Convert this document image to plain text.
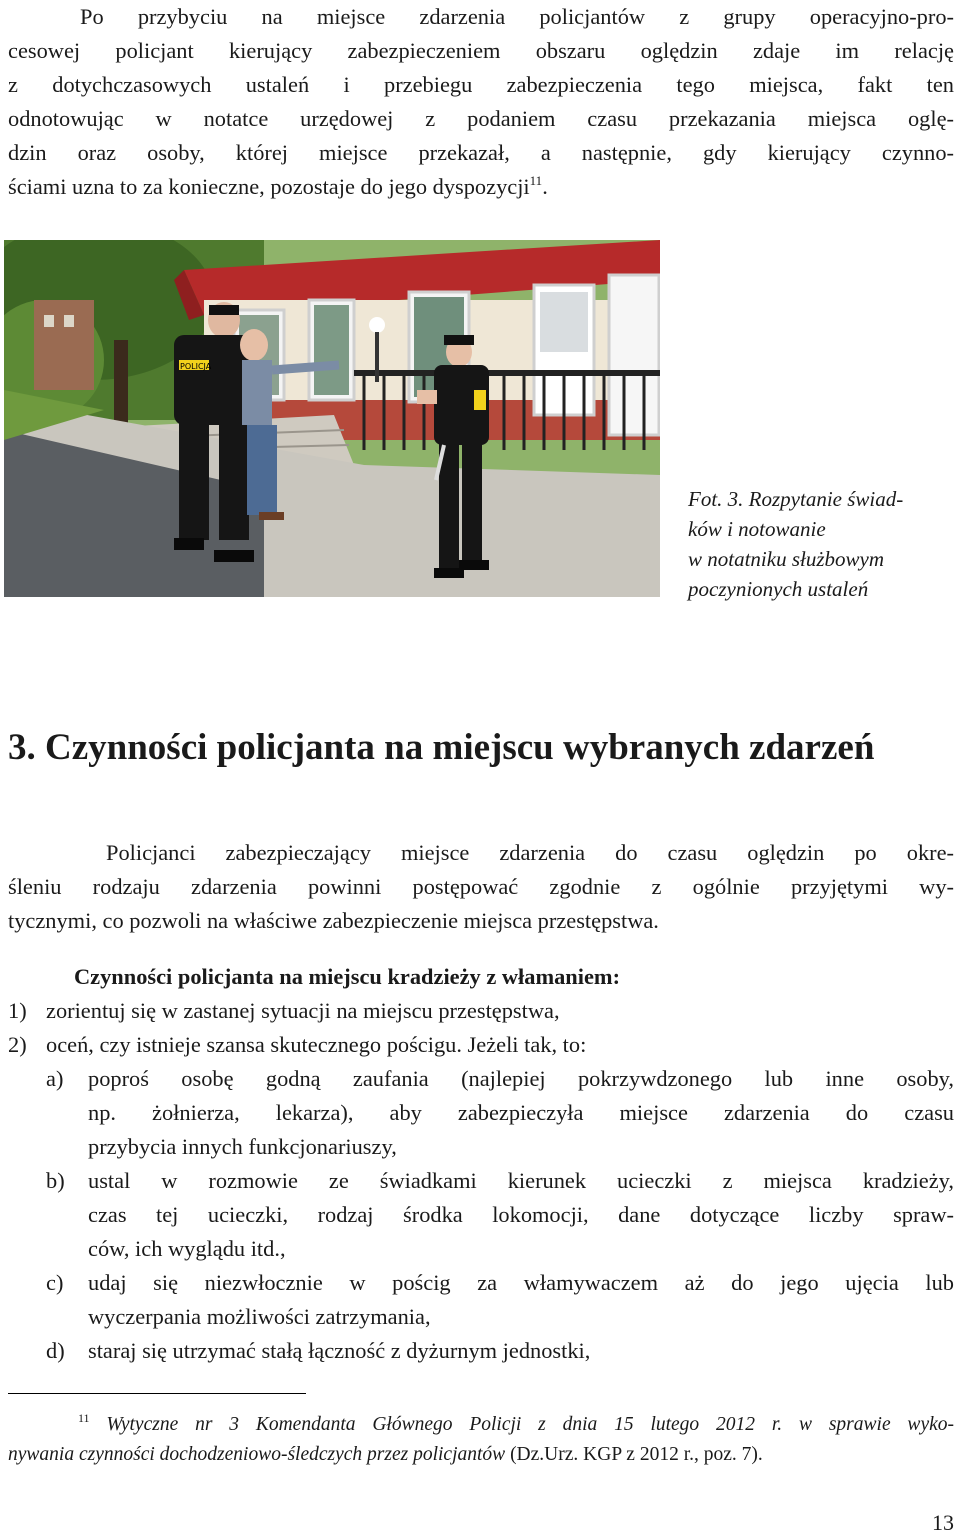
Po przybyciu na miejsce zdarzenia policjantów z grupy operacyjno-pro-
cesowej policjant kierujący zabezpieczeniem obszaru oględzin zdaje im relację
z dotychczasowych ustaleń i przebiegu zabezpieczenia tego miejsca, fakt ten
odnotowując w notatce urzędowej z podaniem czasu przekazania miejsca oglę-
dzin oraz osoby, której miejsce przekazał, a następnie, gdy kierujący czynno-
ściami uzna to za konieczne, pozostaje do jego dyspozycji$^{11}$.
POLICJA
Fot. 3. Rozpytanie świad-
ków i notowanie
w notatniku służbowym
poczynionych ustaleń
3. Czynności policjanta na miejscu wybranych zdarzeń
Policjanci zabezpieczający miejsce zdarzenia do czasu oględzin po okre-
śleniu rodzaju zdarzenia powinni postępować zgodnie z ogólnie przyjętymi wy-
tycznymi, co pozwoli na właściwe zabezpieczenie miejsca przestępstwa.
Czynności policjanta na miejscu kradzieży z włamaniem:
1) zorientuj się w zastanej sytuacji na miejscu przestępstwa,
2) oceń, czy istnieje szansa skutecznego pościgu. Jeżeli tak, to:
a) poproś osobę godną zaufania (najlepiej pokrzywdzonego lub inne osoby,
np. żołnierza, lekarza), aby zabezpieczyła miejsce zdarzenia do czasu
przybycia innych funkcjonariuszy,
b) ustal w rozmowie ze świadkami kierunek ucieczki z miejsca kradzieży,
czas tej ucieczki, rodzaj środka lokomocji, dane dotyczące liczby spraw-
ców, ich wyglądu itd.,
c) udaj się niezwłocznie w pościg za włamywaczem aż do jego ujęcia lub
wyczerpania możliwości zatrzymania,
d) staraj się utrzymać stałą łączność z dyżurnym jednostki,
$^{11}$ Wytyczne nr 3 Komendanta Głównego Policji z dnia 15 lutego 2012 r. w sprawie wyko-
nywania czynności dochodzeniowo-śledczych przez policjantów (Dz.Urz. KGP z 2012 r., poz. 7).
13
